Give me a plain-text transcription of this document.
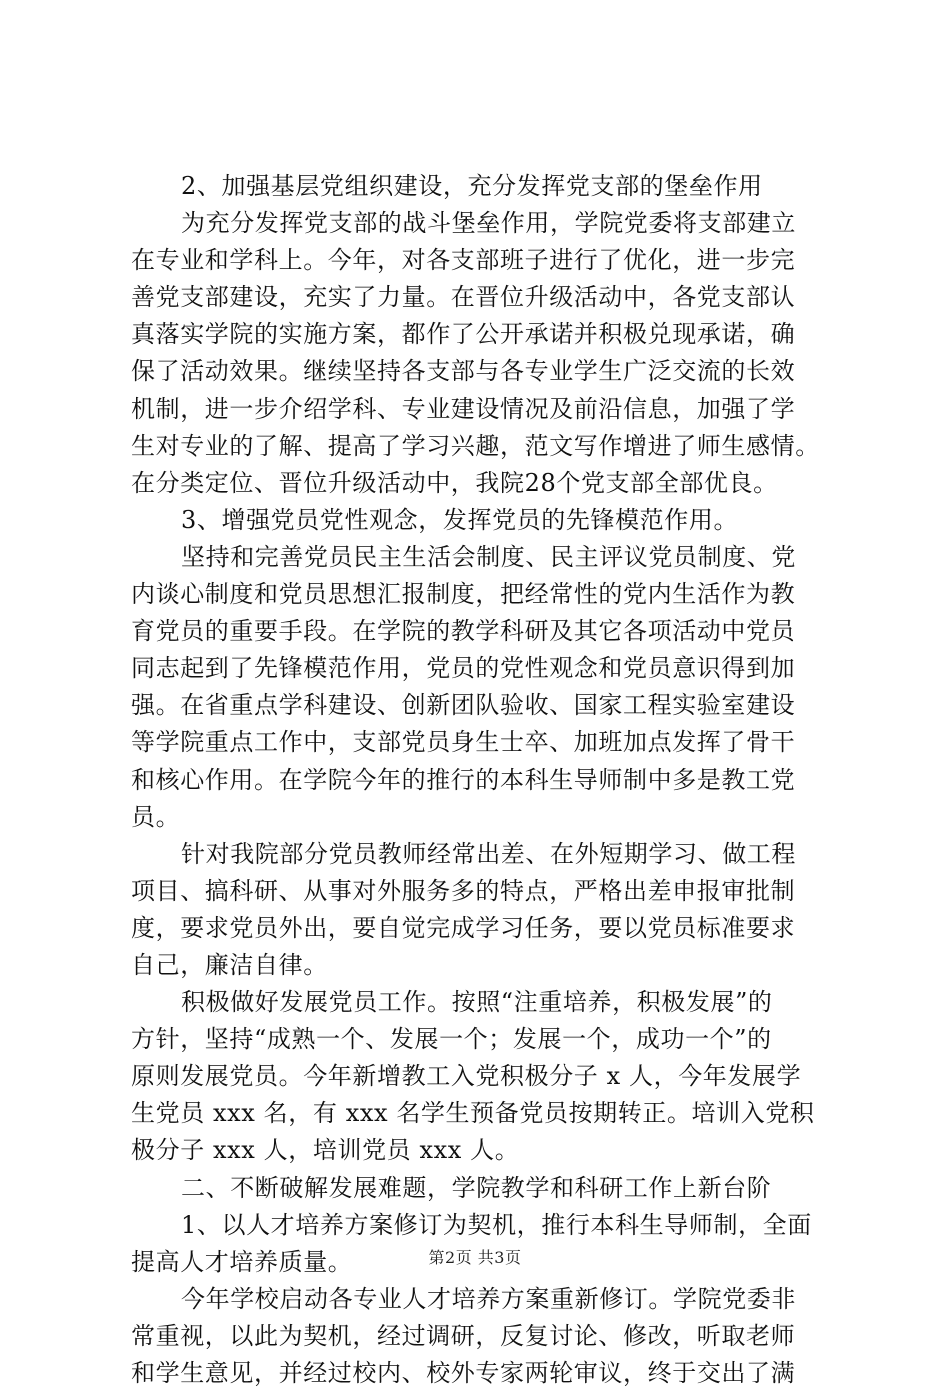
2、加强基层党组织建设，充分发挥党支部的堡垒作用
为充分发挥党支部的战斗堡垒作用，学院党委将支部建立
在专业和学科上。今年，对各支部班子进行了优化，进一步完
善党支部建设，充实了力量。在晋位升级活动中，各党支部认
真落实学院的实施方案，都作了公开承诺并积极兑现承诺，确
保了活动效果。继续坚持各支部与各专业学生广泛交流的长效
机制，进一步介绍学科、专业建设情况及前沿信息，加强了学
生对专业的了解、提高了学习兴趣，范文写作增进了师生感情。
在分类定位、晋位升级活动中，我院28个党支部全部优良。
3、增强党员党性观念，发挥党员的先锋模范作用。
坚持和完善党员民主生活会制度、民主评议党员制度、党
内谈心制度和党员思想汇报制度，把经常性的党内生活作为教
育党员的重要手段。在学院的教学科研及其它各项活动中党员
同志起到了先锋模范作用，党员的党性观念和党员意识得到加
强。在省重点学科建设、创新团队验收、国家工程实验室建设
等学院重点工作中，支部党员身生士卒、加班加点发挥了骨干
和核心作用。在学院今年的推行的本科生导师制中多是教工党
员。
针对我院部分党员教师经常出差、在外短期学习、做工程
项目、搞科研、从事对外服务多的特点，严格出差申报审批制
度，要求党员外出，要自觉完成学习任务，要以党员标准要求
自己，廉洁自律。
积极做好发展党员工作。按照“注重培养，积极发展”的
方针，坚持“成熟一个、发展一个；发展一个，成功一个”的
原则发展党员。今年新增教工入党积极分子 x 人，今年发展学
生党员 xxx 名，有 xxx 名学生预备党员按期转正。培训入党积
极分子 xxx 人，培训党员 xxx 人。
二、不断破解发展难题，学院教学和科研工作上新台阶
1、以人才培养方案修订为契机，推行本科生导师制，全面
提高人才培养质量。
今年学校启动各专业人才培养方案重新修订。学院党委非
常重视，以此为契机，经过调研，反复讨论、修改，听取老师
和学生意见，并经过校内、校外专家两轮审议，终于交出了满
第2页 共3页
